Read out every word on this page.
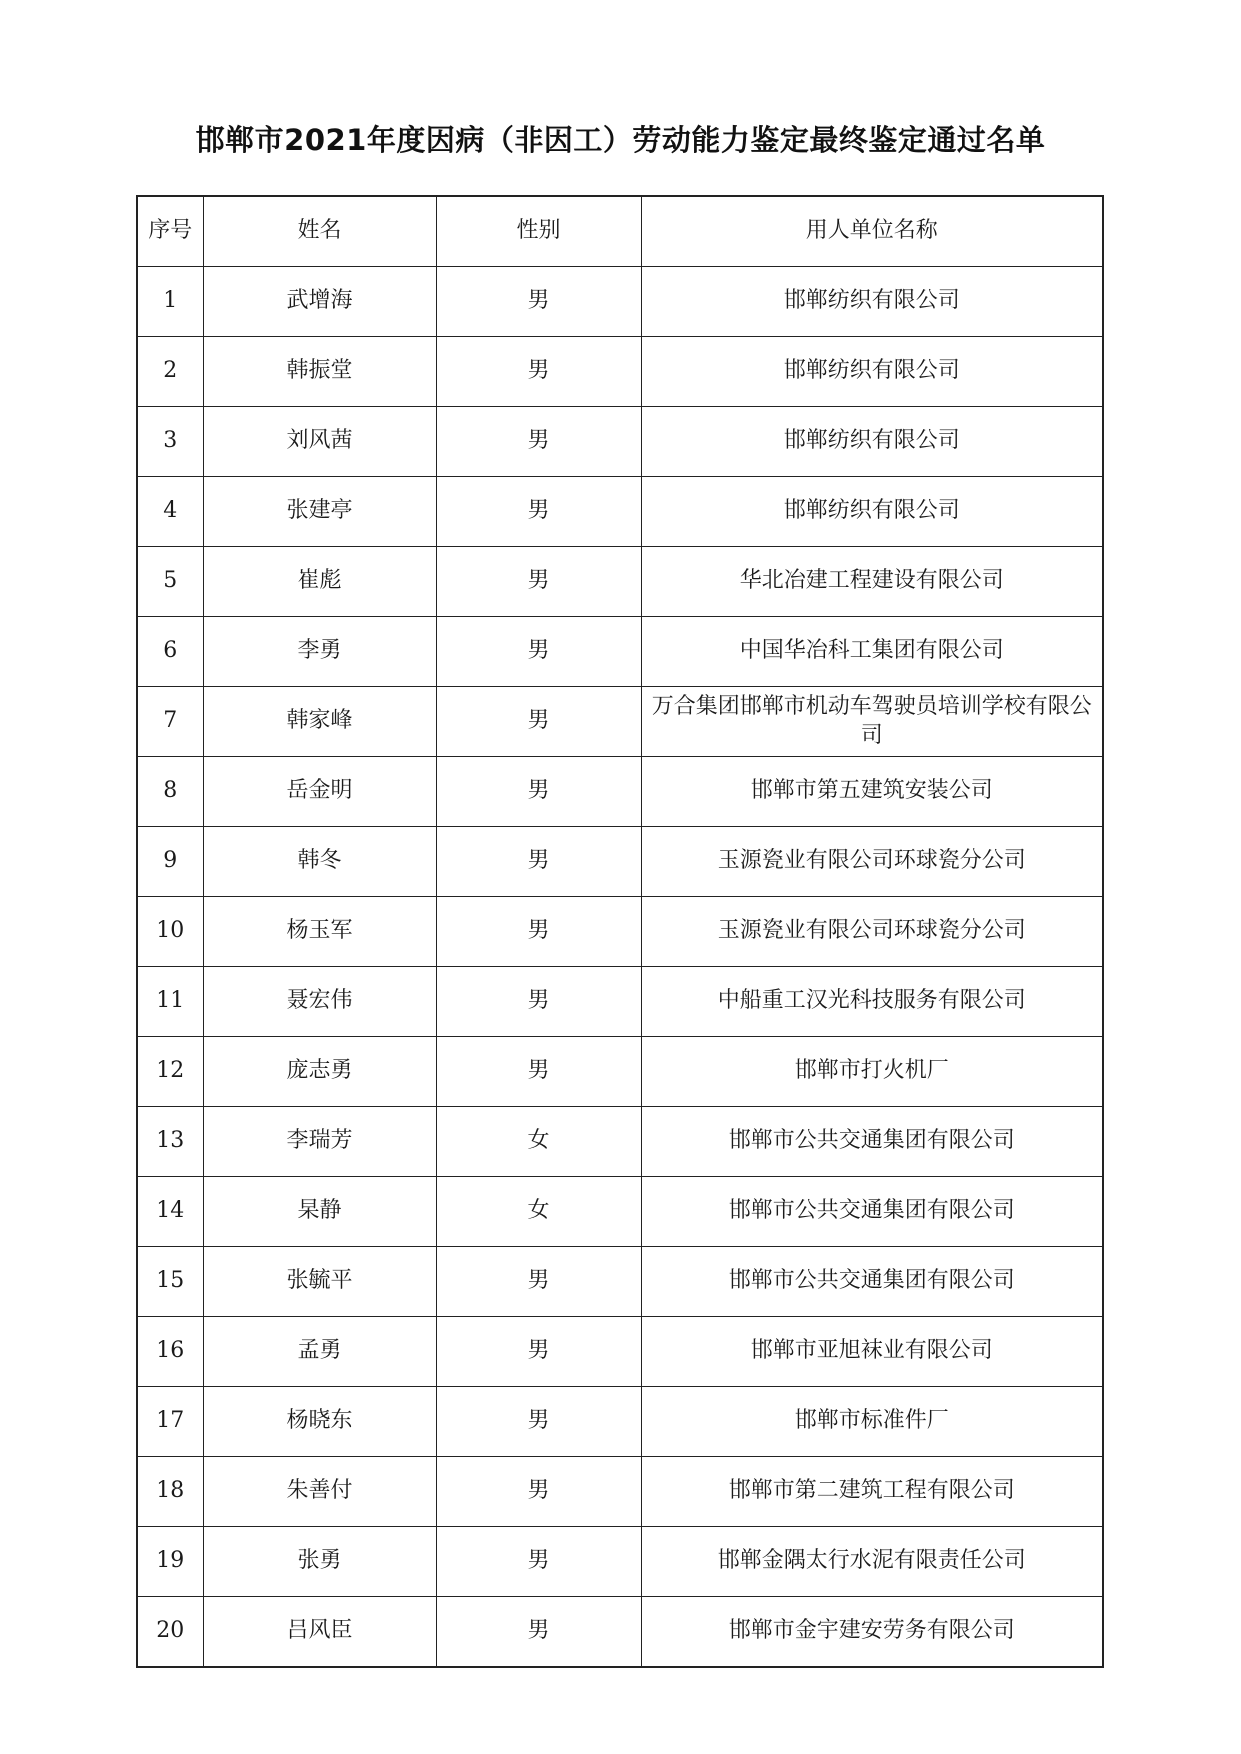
邯郸市2021年度因病（非因工）劳动能力鉴定最终鉴定通过名单
序号	姓名	性别	用人单位名称
1	武增海	男	邯郸纺织有限公司
2	韩振堂	男	邯郸纺织有限公司
3	刘风茜	男	邯郸纺织有限公司
4	张建亭	男	邯郸纺织有限公司
5	崔彪	男	华北冶建工程建设有限公司
6	李勇	男	中国华冶科工集团有限公司
7	韩家峰	男	万合集团邯郸市机动车驾驶员培训学校有限公司
8	岳金明	男	邯郸市第五建筑安装公司
9	韩冬	男	玉源瓷业有限公司环球瓷分公司
10	杨玉军	男	玉源瓷业有限公司环球瓷分公司
11	聂宏伟	男	中船重工汉光科技服务有限公司
12	庞志勇	男	邯郸市打火机厂
13	李瑞芳	女	邯郸市公共交通集团有限公司
14	杲静	女	邯郸市公共交通集团有限公司
15	张毓平	男	邯郸市公共交通集团有限公司
16	孟勇	男	邯郸市亚旭袜业有限公司
17	杨晓东	男	邯郸市标准件厂
18	朱善付	男	邯郸市第二建筑工程有限公司
19	张勇	男	邯郸金隅太行水泥有限责任公司
20	吕风臣	男	邯郸市金宇建安劳务有限公司
